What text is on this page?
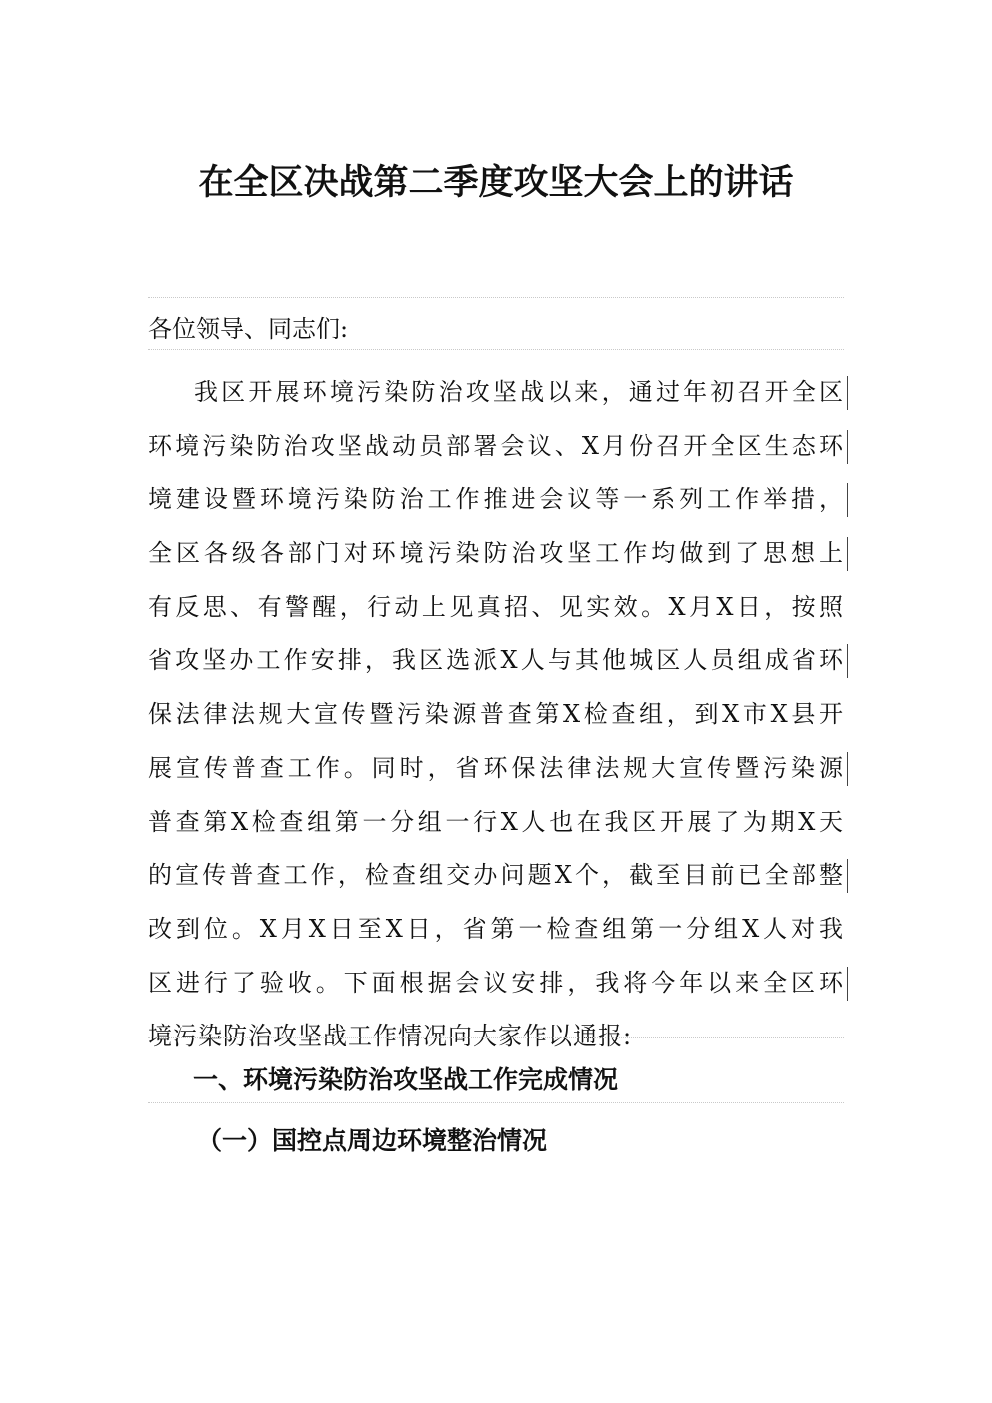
在全区决战第二季度攻坚大会上的讲话
各位领导、同志们:
我区开展环境污染防治攻坚战以来，通过年初召开全区
环境污染防治攻坚战动员部署会议、X月份召开全区生态环
境建设暨环境污染防治工作推进会议等一系列工作举措，
全区各级各部门对环境污染防治攻坚工作均做到了思想上
有反思、有警醒，行动上见真招、见实效。X月X日，按照
省攻坚办工作安排，我区选派X人与其他城区人员组成省环
保法律法规大宣传暨污染源普查第X检查组，到X市X县开
展宣传普查工作。同时，省环保法律法规大宣传暨污染源
普查第X检查组第一分组一行X人也在我区开展了为期X天
的宣传普查工作，检查组交办问题X个，截至目前已全部整
改到位。X月X日至X日，省第一检查组第一分组X人对我
区进行了验收。下面根据会议安排，我将今年以来全区环
境污染防治攻坚战工作情况向大家作以通报:
一、环境污染防治攻坚战工作完成情况
（一）国控点周边环境整治情况
